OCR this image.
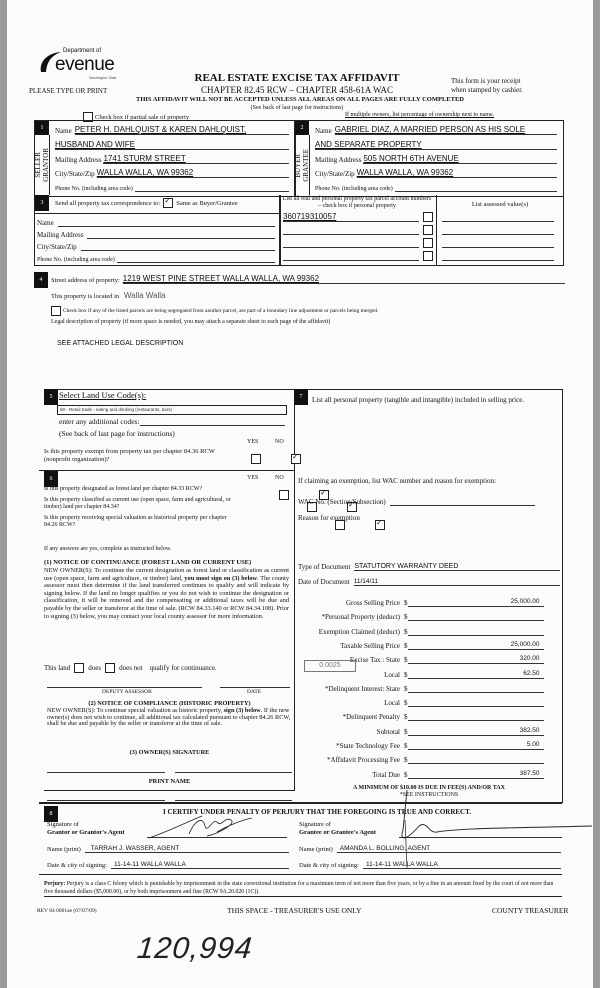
Department of
evenue
Washington State
PLEASE TYPE OR PRINT
REAL ESTATE EXCISE TAX AFFIDAVIT
CHAPTER 82.45 RCW – CHAPTER 458-61A WAC
This form is your receipt
when stamped by cashier.
THIS AFFIDAVIT WILL NOT BE ACCEPTED UNLESS ALL AREAS ON ALL PAGES ARE FULLY COMPLETED
(See back of last page for instructions)
Check box if partial sale of property	If multiple owners, list percentage of ownership next to name.
1
SELLER
GRANTOR
Name PETER H. DAHLQUIST & KAREN DAHLQUIST,
HUSBAND AND WIFE
Mailing Address 1741 STURM STREET
City/State/Zip WALLA WALLA, WA 99362
Phone No. (including area code)
2
BUYER
GRANTEE
Name GABRIEL DIAZ, A MARRIED PERSON AS HIS SOLE
AND SEPARATE PROPERTY
Mailing Address 505 NORTH 6TH AVENUE
City/State/Zip WALLA WALLA, WA 99362
Phone No. (including area code)
3	Send all property tax correspondence to: ✓ Same as Buyer/Grantee
Name
Mailing Address
City/State/Zip
Phone No. (including area code)
List all real and personal property tax parcel account numbers – check box if personal property	List assessed value(s)
360719310057
4	Street address of property: 1219 WEST PINE STREET WALLA WALLA, WA 99362
This property is located in Walla Walla
Check box if any of the listed parcels are being segregated from another parcel, are part of a boundary line adjustment or parcels being merged.
Legal description of property (if more space is needed, you may attach a separate sheet to each page of the affidavit)
SEE ATTACHED LEGAL DESCRIPTION
5 Select Land Use Code(s):
58 - Retail trade - eating and drinking (restaurants, bars)
enter any additional codes:
(See back of last page for instructions)
YES	NO
Is this property exempt from property tax per chapter 84.36 RCW (nonprofit organization)?
✓
6	YES	NO
Is this property designated as forest land per chapter 84.33 RCW?
✓
Is this property classified as current use (open space, farm and agricultural, or timber) land per chapter 84.34?
✓
Is this property receiving special valuation as historical property per chapter 84.26 RCW?
✓
If any answers are yes, complete as instructed below.
(1) NOTICE OF CONTINUANCE (FOREST LAND OR CURRENT USE)
NEW OWNER(S): To continue the current designation as forest land or classification as current use (open space, farm and agriculture, or timber) land, you must sign on (3) below. The county assessor must then determine if the land transferred continues to qualify and will indicate by signing below. If the land no longer qualifies or you do not wish to continue the designation or classification, it will be removed and the compensating or additional taxes will be due and payable by the seller or transferor at the time of sale. (RCW 84.33.140 or RCW 84.34.108). Prior to signing (3) below, you may contact your local county assessor for more information.
This land	does	does not qualify for continuance.
DEPUTY ASSESSOR	DATE
(2) NOTICE OF COMPLIANCE (HISTORIC PROPERTY)
NEW OWNER(S): To continue special valuation as historic property, sign (3) below. If the new owner(s) does not wish to continue, all additional tax calculated pursuant to chapter 84.26 RCW, shall be due and payable by the seller or transferor at the time of sale.
(3) OWNER(S) SIGNATURE
PRINT NAME
7	List all personal property (tangible and intangible) included in selling price.
If claiming an exemption, list WAC number and reason for exemption:
WAC No. (Section/Subsection)
Reason for exemption
Type of Document STATUTORY WARRANTY DEED
Date of Document 11/14/11
Gross Selling Price $	25,000.00
*Personal Property (deduct) $
Exemption Claimed (deduct) $
Taxable Selling Price $	25,000.00
Excise Tax : State $	320.00
Local $	62.50
*Delinquent Interest: State $
Local $
*Delinquent Penalty $
Subtotal $	382.50
*State Technology Fee $	5.00
*Affidavit Processing Fee $
Total Due $	387.50
0.0025
A MINIMUM OF $10.00 IS DUE IN FEE(S) AND/OR TAX
*SEE INSTRUCTIONS
8	I CERTIFY UNDER PENALTY OF PERJURY THAT THE FOREGOING IS TRUE AND CORRECT.
Signature of
Grantor or Grantor's Agent
Name (print)	TARRAH J. WASSER, AGENT
Date & city of signing:	11-14-11 WALLA WALLA
Signature of
Grantee or Grantee's Agent
Name (print)	AMANDA L. BOLLING, AGENT
Date & city of signing:	11-14-11 WALLA WALLA
Perjury: Perjury is a class C felony which is punishable by imprisonment in the state correctional institution for a maximum term of not more than five years, or by a fine in an amount fixed by the court of not more than five thousand dollars ($5,000.00), or by both imprisonment and fine (RCW 9A.20.020 (1C)).
REV 84 0001ae (07/07/09)	THIS SPACE - TREASURER'S USE ONLY	COUNTY TREASURER
120,994
